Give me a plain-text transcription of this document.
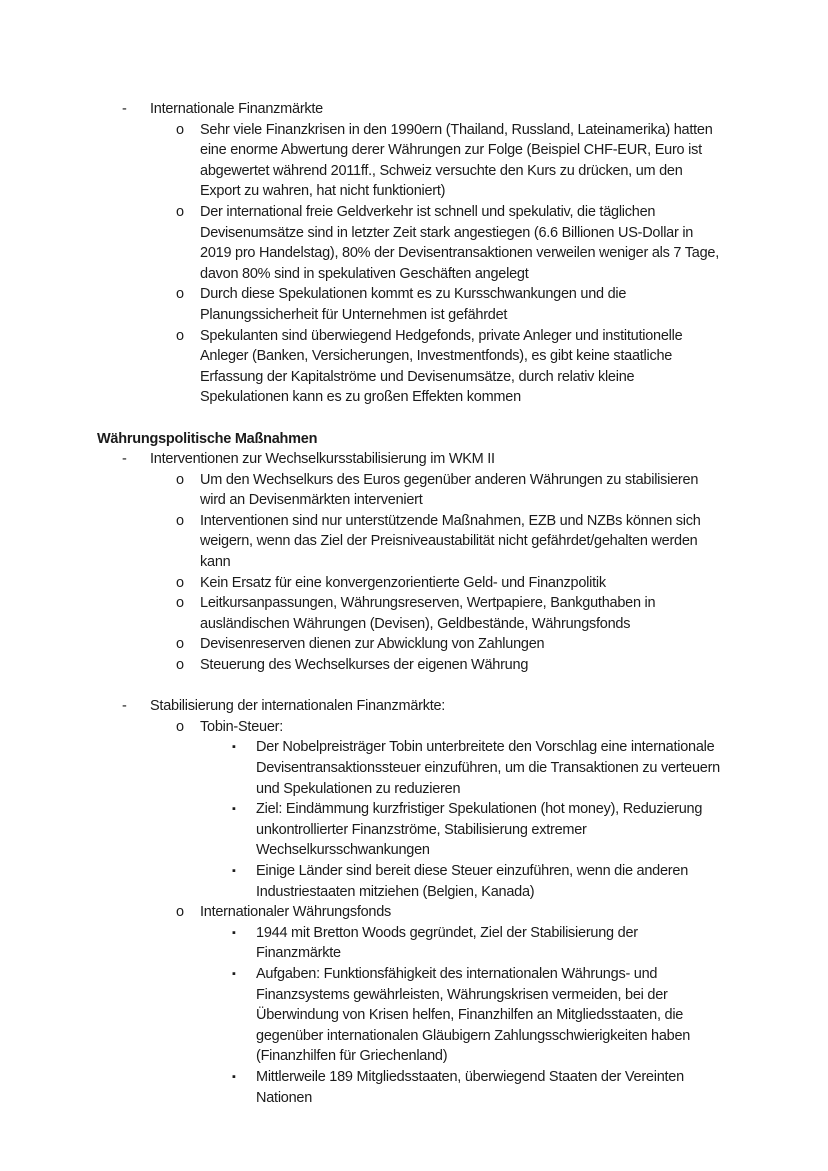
- Internationale Finanzmärkte
o Sehr viele Finanzkrisen in den 1990ern (Thailand, Russland, Lateinamerika) hatten eine enorme Abwertung derer Währungen zur Folge (Beispiel CHF-EUR, Euro ist abgewertet während 2011ff., Schweiz versuchte den Kurs zu drücken, um den Export zu wahren, hat nicht funktioniert)
o Der international freie Geldverkehr ist schnell und spekulativ, die täglichen Devisenumsätze sind in letzter Zeit stark angestiegen (6.6 Billionen US-Dollar in 2019 pro Handelstag), 80% der Devisentransaktionen verweilen weniger als 7 Tage, davon 80% sind in spekulativen Geschäften angelegt
o Durch diese Spekulationen kommt es zu Kursschwankungen und die Planungssicherheit für Unternehmen ist gefährdet
o Spekulanten sind überwiegend Hedgefonds, private Anleger und institutionelle Anleger (Banken, Versicherungen, Investmentfonds), es gibt keine staatliche Erfassung der Kapitalströme und Devisenumsätze, durch relativ kleine Spekulationen kann es zu großen Effekten kommen
Währungspolitische Maßnahmen
- Interventionen zur Wechselkursstabilisierung im WKM II
o Um den Wechselkurs des Euros gegenüber anderen Währungen zu stabilisieren wird an Devisenmärkten interveniert
o Interventionen sind nur unterstützende Maßnahmen, EZB und NZBs können sich weigern, wenn das Ziel der Preisniveaustabilität nicht gefährdet/gehalten werden kann
o Kein Ersatz für eine konvergenzorientierte Geld- und Finanzpolitik
o Leitkursanpassungen, Währungsreserven, Wertpapiere, Bankguthaben in ausländischen Währungen (Devisen), Geldbestände, Währungsfonds
o Devisenreserven dienen zur Abwicklung von Zahlungen
o Steuerung des Wechselkurses der eigenen Währung
- Stabilisierung der internationalen Finanzmärkte:
o Tobin-Steuer:
▪ Der Nobelpreisträger Tobin unterbreitete den Vorschlag eine internationale Devisentransaktionssteuer einzuführen, um die Transaktionen zu verteuern und Spekulationen zu reduzieren
▪ Ziel: Eindämmung kurzfristiger Spekulationen (hot money), Reduzierung unkontrollierter Finanzströme, Stabilisierung extremer Wechselkursschwankungen
▪ Einige Länder sind bereit diese Steuer einzuführen, wenn die anderen Industriestaaten mitziehen (Belgien, Kanada)
o Internationaler Währungsfonds
▪ 1944 mit Bretton Woods gegründet, Ziel der Stabilisierung der Finanzmärkte
▪ Aufgaben: Funktionsfähigkeit des internationalen Währungs- und Finanzsystems gewährleisten, Währungskrisen vermeiden, bei der Überwindung von Krisen helfen, Finanzhilfen an Mitgliedsstaaten, die gegenüber internationalen Gläubigern Zahlungsschwierigkeiten haben (Finanzhilfen für Griechenland)
▪ Mittlerweile 189 Mitgliedsstaaten, überwiegend Staaten der Vereinten Nationen
